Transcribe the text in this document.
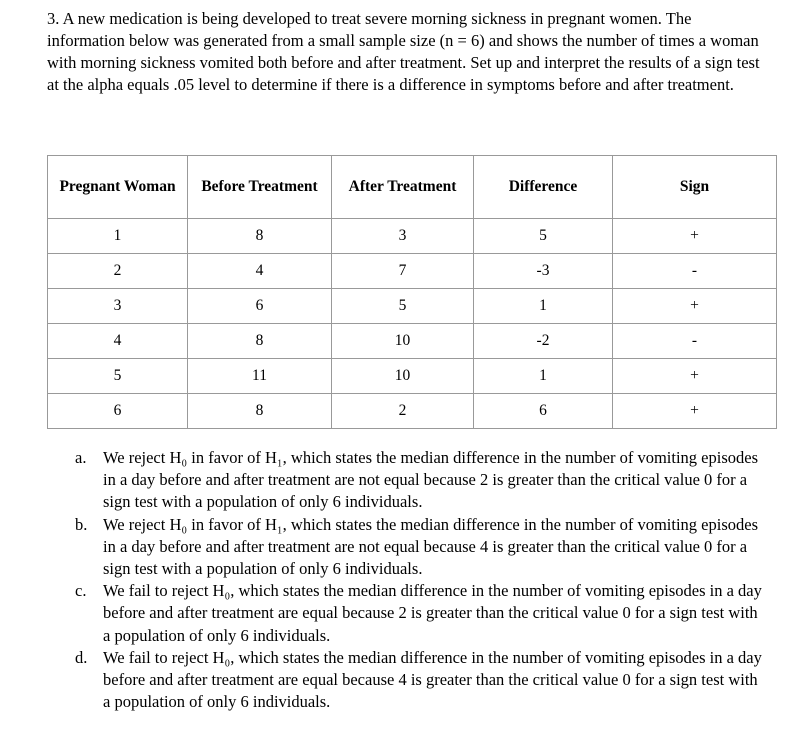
3. A new medication is being developed to treat severe morning sickness in pregnant women. The information below was generated from a small sample size (n = 6) and shows the number of times a woman with morning sickness vomited both before and after treatment. Set up and interpret the results of a sign test at the alpha equals .05 level to determine if there is a difference in symptoms before and after treatment.
Pregnant Woman	Before Treatment	After Treatment	Difference	Sign
1	8	3	5	+
2	4	7	-3	-
3	6	5	1	+
4	8	10	-2	-
5	11	10	1	+
6	8	2	6	+
a.	We reject H₀ in favor of H₁, which states the median difference in the number of vomiting episodes in a day before and after treatment are not equal because 2 is greater than the critical value 0 for a sign test with a population of only 6 individuals.
b. We reject H₀ in favor of H₁, which states the median difference in the number of vomiting episodes in a day before and after treatment are not equal because 4 is greater than the critical value 0 for a sign test with a population of only 6 individuals.
c.	We fail to reject H₀, which states the median difference in the number of vomiting episodes in a day before and after treatment are equal because 2 is greater than the critical value 0 for a sign test with a population of only 6 individuals.
d. We fail to reject H₀, which states the median difference in the number of vomiting episodes in a day before and after treatment are equal because 4 is greater than the critical value 0 for a sign test with a population of only 6 individuals.
